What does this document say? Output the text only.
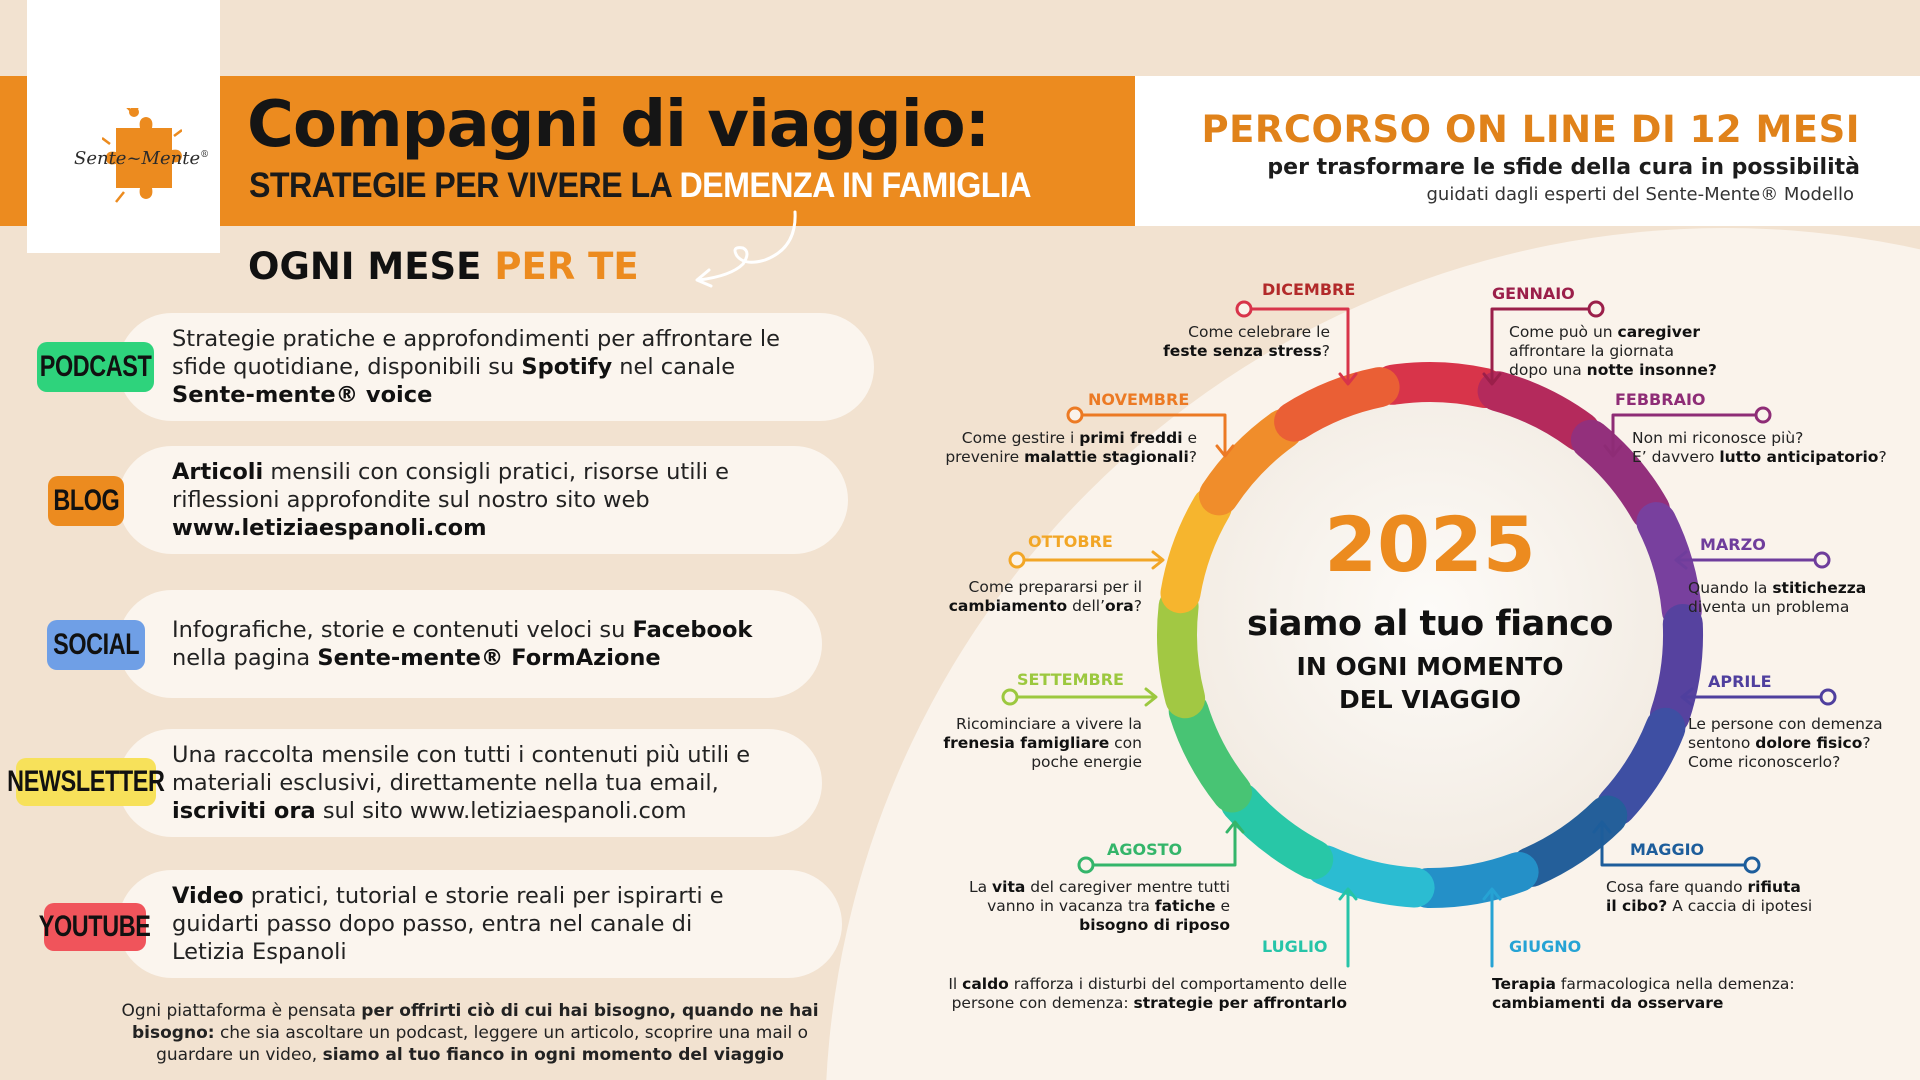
Sente~Mente® Compagni di viaggio:
STRATEGIE PER VIVERE LA DEMENZA IN FAMIGLIA
PERCORSO ON LINE DI 12 MESI
per trasformare le sfide della cura in possibilità
guidati dagli esperti del Sente-Mente® Modello
OGNI MESE PER TE
Strategie pratiche e approfondimenti per affrontare le
sfide quotidiane, disponibili su Spotify nel canale
Sente-mente® voice
PODCAST
Articoli mensili con consigli pratici, risorse utili e
riflessioni approfondite sul nostro sito web
www.letiziaespanoli.com
BLOG
Infografiche, storie e contenuti veloci su Facebook
nella pagina Sente-mente® FormAzione
SOCIAL
Una raccolta mensile con tutti i contenuti più utili e
materiali esclusivi, direttamente nella tua email,
iscriviti ora sul sito www.letiziaespanoli.com
NEWSLETTER
Video pratici, tutorial e storie reali per ispirarti e
guidarti passo dopo passo, entra nel canale di
Letizia Espanoli
YOUTUBE
Ogni piattaforma è pensata per offrirti ciò di cui hai bisogno, quando ne hai bisogno: che sia ascoltare un podcast, leggere un articolo, scoprire una mail o guardare un video, siamo al tuo fianco in ogni momento del viaggio
2025
siamo al tuo fianco
IN OGNI MOMENTO
DEL VIAGGIO
DICEMBRE
Come celebrare le
feste senza stress?
GENNAIO
Come può un caregiver
affrontare la giornata
dopo una notte insonne?
FEBBRAIO
Non mi riconosce più?
E’ davvero lutto anticipatorio?
MARZO
Quando la stitichezza
diventa un problema
APRILE
Le persone con demenza
sentono dolore fisico?
Come riconoscerlo?
MAGGIO
Cosa fare quando rifiuta
il cibo? A caccia di ipotesi
GIUGNO
Terapia farmacologica nella demenza:
cambiamenti da osservare
LUGLIO
Il caldo rafforza i disturbi del comportamento delle
persone con demenza: strategie per affrontarlo
AGOSTO
La vita del caregiver mentre tutti
vanno in vacanza tra fatiche e
bisogno di riposo
SETTEMBRE
Ricominciare a vivere la
frenesia famigliare con
poche energie
OTTOBRE
Come prepararsi per il
cambiamento dell’ora?
NOVEMBRE
Come gestire i primi freddi e
prevenire malattie stagionali?
